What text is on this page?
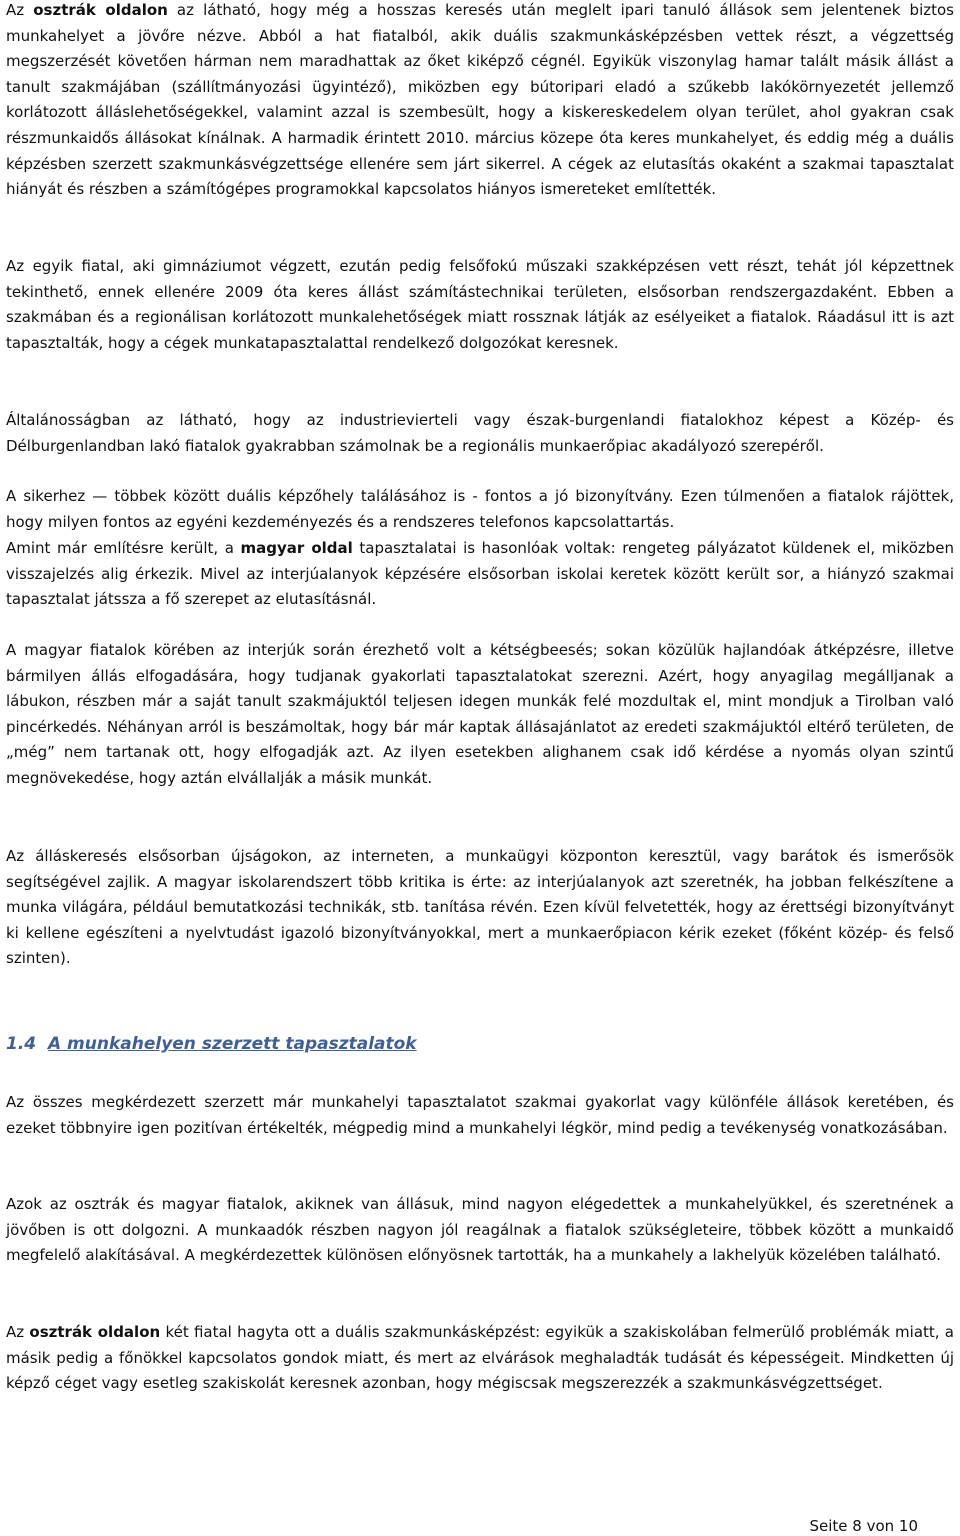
Az osztrák oldalon az látható, hogy még a hosszas keresés után meglelt ipari tanuló állások sem jelentenek biztos munkahelyet a jövőre nézve. Abból a hat fiatalból, akik duális szakmunkásképzésben vettek részt, a végzettség megszerzését követően hárman nem maradhattak az őket kiképző cégnél. Egyikük viszonylag hamar talált másik állást a tanult szakmájában (szállítmányozási ügyintéző), miközben egy bútoripari eladó a szűkebb lakókörnyezetét jellemző korlátozott álláslehetőségekkel, valamint azzal is szembesült, hogy a kiskereskedelem olyan terület, ahol gyakran csak részmunkaidős állásokat kínálnak. A harmadik érintett 2010. március közepe óta keres munkahelyet, és eddig még a duális képzésben szerzett szakmunkásvégzettsége ellenére sem járt sikerrel. A cégek az elutasítás okaként a szakmai tapasztalat hiányát és részben a számítógépes programokkal kapcsolatos hiányos ismereteket említették.

Az egyik fiatal, aki gimnáziumot végzett, ezután pedig felsőfokú műszaki szakképzésen vett részt, tehát jól képzettnek tekinthető, ennek ellenére 2009 óta keres állást számítástechnikai területen, elsősorban rendszergazdaként. Ebben a szakmában és a regionálisan korlátozott munkalehetőségek miatt rossznak látják az esélyeiket a fiatalok. Ráadásul itt is azt tapasztalták, hogy a cégek munkatapasztalattal rendelkező dolgozókat keresnek.

Általánosságban az látható, hogy az industrieviertelі vagy észak-burgenlandi fiatalokhoz képest a Közép- és Délburgenlandban lakó fiatalok gyakrabban számolnak be a regionális munkaerőpiac akadályozó szerepéről.

A sikerhez — többek között duális képzőhely találásához is - fontos a jó bizonyítvány. Ezen túlmenően a fiatalok rájöttek, hogy milyen fontos az egyéni kezdeményezés és a rendszeres telefonos kapcsolattartás.

Amint már említésre került, a magyar oldal tapasztalatai is hasonlóak voltak: rengeteg pályázatot küldenek el, miközben visszajelzés alig érkezik. Mivel az interjúalanyok képzésére elsősorban iskolai keretek között került sor, a hiányzó szakmai tapasztalat játssza a fő szerepet az elutasításnál.

A magyar fiatalok körében az interjúk során érezhető volt a kétségbeesés; sokan közülük hajlandóak átképzésre, illetve bármilyen állás elfogadására, hogy tudjanak gyakorlati tapasztalatokat szerezni. Azért, hogy anyagilag megálljanak a lábukon, részben már a saját tanult szakmájuktól teljesen idegen munkák felé mozdultak el, mint mondjuk a Tirolban való pincérkedés. Néhányan arról is beszámoltak, hogy bár már kaptak állásajánlatot az eredeti szakmájuktól eltérő területen, de „még” nem tartanak ott, hogy elfogadják azt. Az ilyen esetekben alighanem csak idő kérdése a nyomás olyan szintű megnövekedése, hogy aztán elvállalják a másik munkát.

Az álláskeresés elsősorban újságokon, az interneten, a munkaügyi központon keresztül, vagy barátok és ismerősök segítségével zajlik. A magyar iskolarendszert több kritika is érte: az interjúalanyok azt szeretnék, ha jobban felkészítene a munka világára, például bemutatkozási technikák, stb. tanítása révén. Ezen kívül felvetették, hogy az érettségi bizonyítványt ki kellene egészíteni a nyelvtudást igazoló bizonyítványokkal, mert a munkaerőpiacon kérik ezeket (főként közép- és felső szinten).

1.4 A munkahelyen szerzett tapasztalatok

Az összes megkérdezett szerzett már munkahelyi tapasztalatot szakmai gyakorlat vagy különféle állások keretében, és ezeket többnyire igen pozitívan értékelték, mégpedig mind a munkahelyi légkör, mind pedig a tevékenység vonatkozásában.

Azok az osztrák és magyar fiatalok, akiknek van állásuk, mind nagyon elégedettek a munkahelyükkel, és szeretnének a jövőben is ott dolgozni. A munkaadók részben nagyon jól reagálnak a fiatalok szükségleteire, többek között a munkaidő megfelelő alakításával. A megkérdezettek különösen előnyösnek tartották, ha a munkahely a lakhelyük közelében található.

Az osztrák oldalon két fiatal hagyta ott a duális szakmunkásképzést: egyikük a szakiskolában felmerülő problémák miatt, a másik pedig a főnökkel kapcsolatos gondok miatt, és mert az elvárások meghaladták tudását és képességeit. Mindketten új képző céget vagy esetleg szakiskolát keresnek azonban, hogy mégiscsak megszerezzék a szakmunkásvégzettséget.

Seite 8 von 10
